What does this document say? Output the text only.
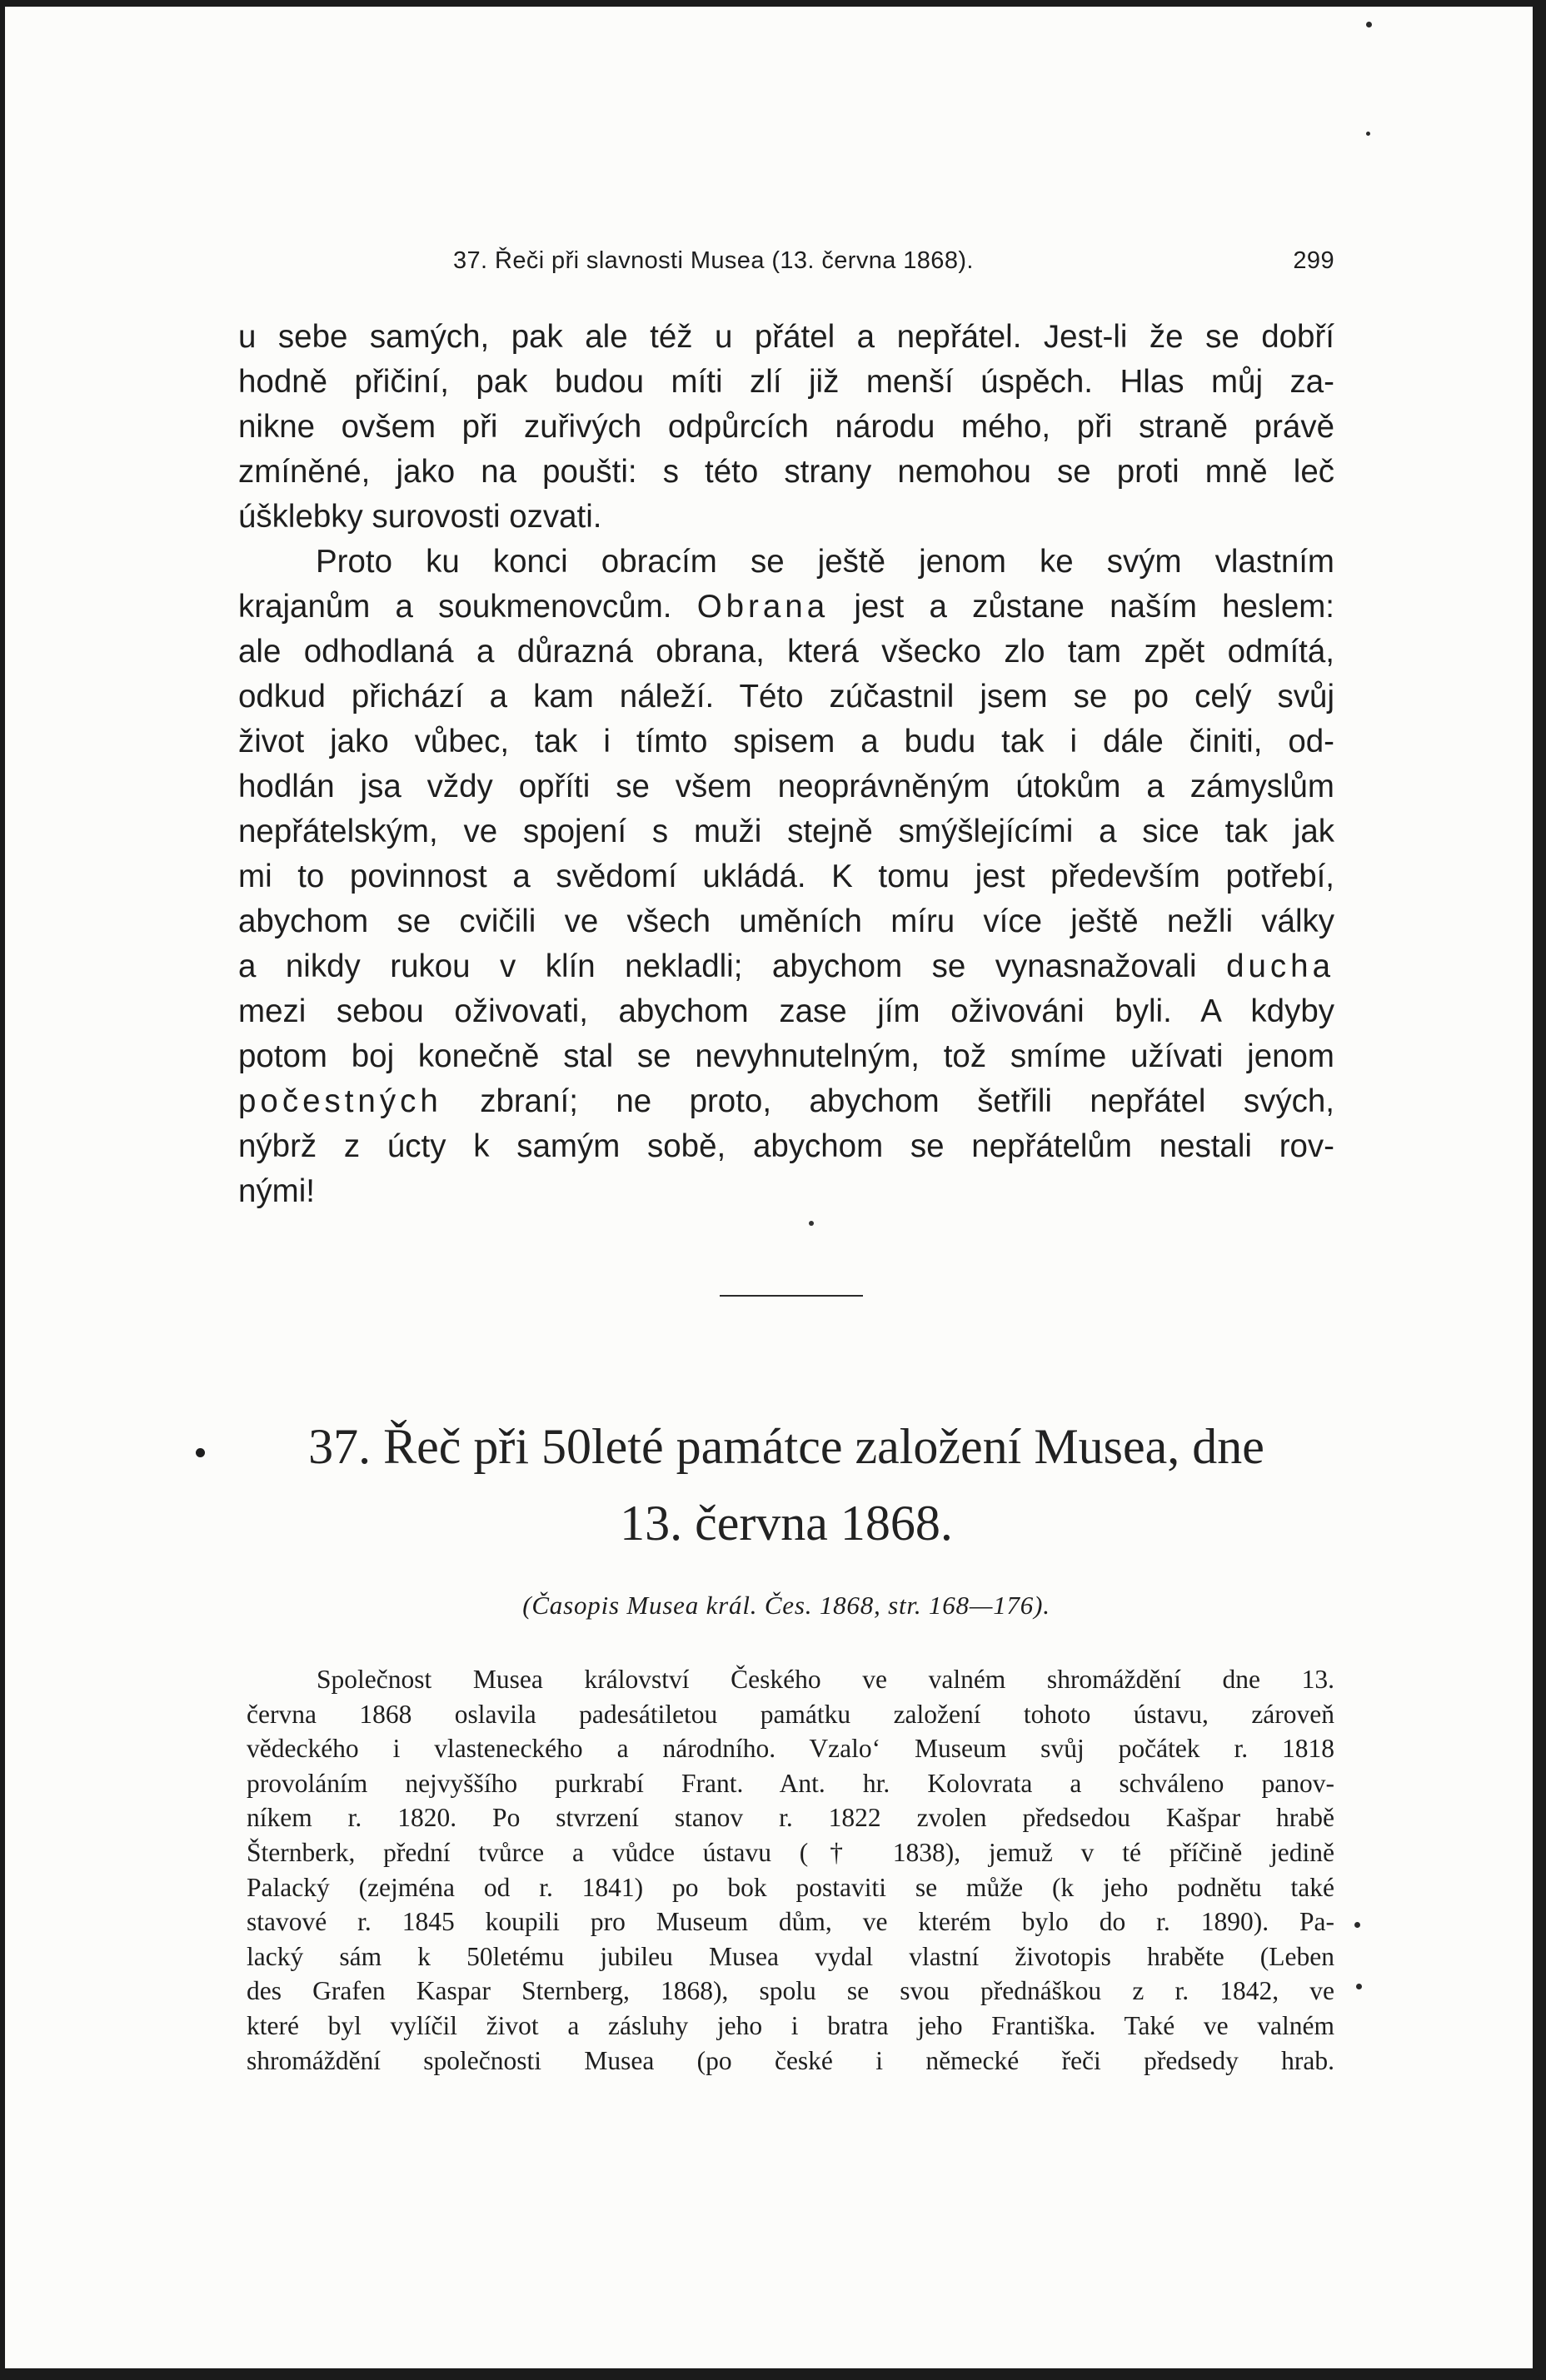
37. Řeči při slavnosti Musea (13. června 1868).	299
u sebe samých, pak ale též u přátel a nepřátel. Jest-li že se dobří
hodně přičiní, pak budou míti zlí již menší úspěch. Hlas můj za-
nikne ovšem při zuřivých odpůrcích národu mého, při straně právě
zmíněné, jako na poušti: s této strany nemohou se proti mně leč
úšklebky surovosti ozvati.
Proto ku konci obracím se ještě jenom ke svým vlastním
krajanům a soukmenovcům. Obrana jest a zůstane naším heslem:
ale odhodlaná a důrazná obrana, která všecko zlo tam zpět odmítá,
odkud přichází a kam náleží. Této zúčastnil jsem se po celý svůj
život jako vůbec, tak i tímto spisem a budu tak i dále činiti, od-
hodlán jsa vždy opříti se všem neoprávněným útokům a zámyslům
nepřátelským, ve spojení s muži stejně smýšlejícími a sice tak jak
mi to povinnost a svědomí ukládá. K tomu jest především potřebí,
abychom se cvičili ve všech uměních míru více ještě nežli války
a nikdy rukou v klín nekladli; abychom se vynasnažovali ducha
mezi sebou oživovati, abychom zase jím oživováni byli. A kdyby
potom boj konečně stal se nevyhnutelným, tož smíme užívati jenom
počestných zbraní; ne proto, abychom šetřili nepřátel svých,
nýbrž z úcty k samým sobě, abychom se nepřátelům nestali rov-
nými!
37. Řeč při 50leté památce založení Musea, dne
13. června 1868.
(Časopis Musea král. Čes. 1868, str. 168—176).
Společnost Musea království Českého ve valném shromáždění dne 13.
června 1868 oslavila padesátiletou památku založení tohoto ústavu, zároveň
vědeckého i vlasteneckého a národního. Vzalo‘ Museum svůj počátek r. 1818
provoláním nejvyššího purkrabí Frant. Ant. hr. Kolovrata a schváleno panov-
níkem r. 1820. Po stvrzení stanov r. 1822 zvolen předsedou Kašpar hrabě
Šternberk, přední tvůrce a vůdce ústavu († 1838), jemuž v té příčině jedině
Palacký (zejména od r. 1841) po bok postaviti se může (k jeho podnětu také
stavové r. 1845 koupili pro Museum dům, ve kterém bylo do r. 1890). Pa-
lacký sám k 50letému jubileu Musea vydal vlastní životopis hraběte (Leben
des Grafen Kaspar Sternberg, 1868), spolu se svou přednáškou z r. 1842, ve
které byl vylíčil život a zásluhy jeho i bratra jeho Františka. Také ve valném
shromáždění společnosti Musea (po české i německé řeči předsedy hrab.
